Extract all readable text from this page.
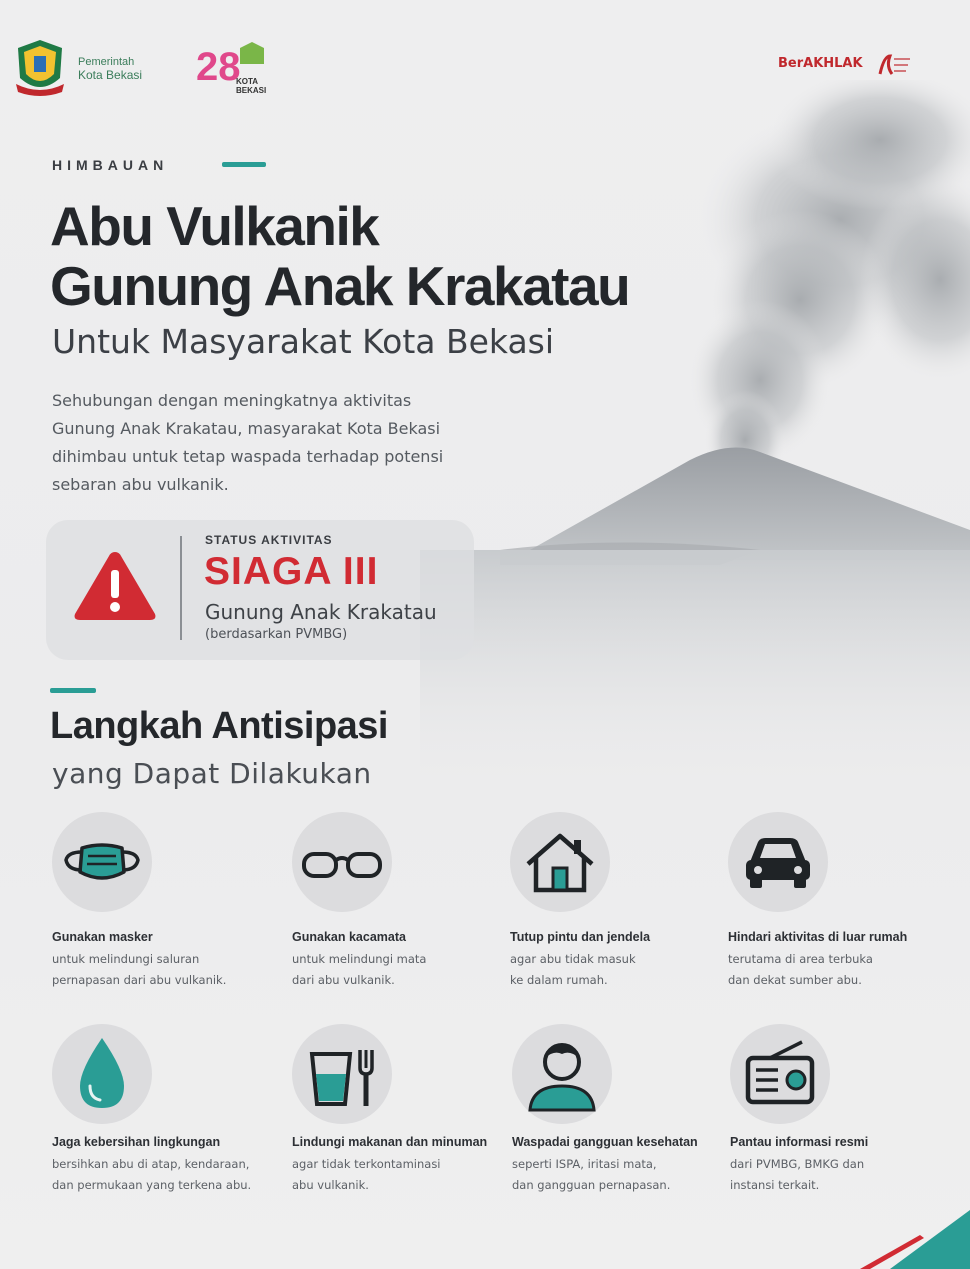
Pemerintah
Kota Bekasi 28
KOTA
BEKASI
BerAKHLAK
HIMBAUAN
Abu Vulkanik
Gunung Anak Krakatau
Untuk Masyarakat Kota Bekasi
Sehubungan dengan meningkatnya aktivitas
Gunung Anak Krakatau, masyarakat Kota Bekasi
dihimbau untuk tetap waspada terhadap potensi
sebaran abu vulkanik.
STATUS AKTIVITAS
SIAGA III
Gunung Anak Krakatau
(berdasarkan PVMBG)
Langkah Antisipasi
yang Dapat Dilakukan
Gunakan masker
untuk melindungi saluran
pernapasan dari abu vulkanik.
Gunakan kacamata
untuk melindungi mata
dari abu vulkanik.
Tutup pintu dan jendela
agar abu tidak masuk
ke dalam rumah.
Hindari aktivitas di luar rumah
terutama di area terbuka
dan dekat sumber abu.
Jaga kebersihan lingkungan
bersihkan abu di atap, kendaraan,
dan permukaan yang terkena abu.
Lindungi makanan dan minuman
agar tidak terkontaminasi
abu vulkanik.
Waspadai gangguan kesehatan
seperti ISPA, iritasi mata,
dan gangguan pernapasan.
Pantau informasi resmi
dari PVMBG, BMKG dan
instansi terkait.
